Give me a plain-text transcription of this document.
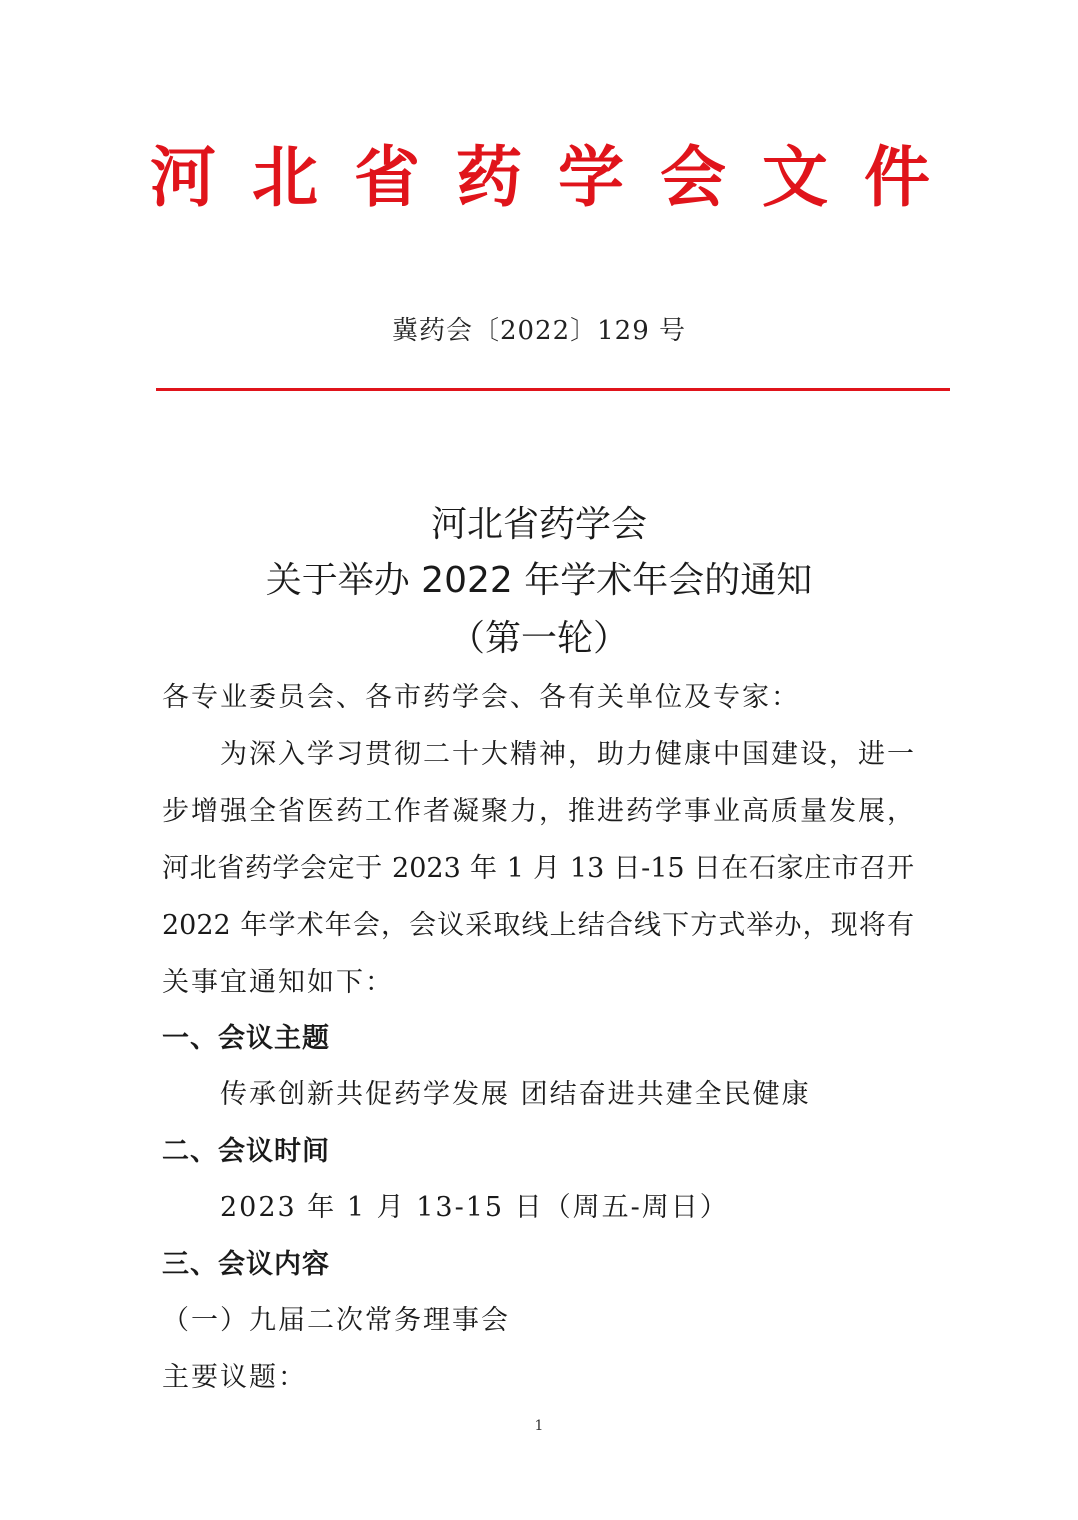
河 北 省 药 学 会 文 件
冀药会〔2022〕129 号
河北省药学会
关于举办 2022 年学术年会的通知
（第一轮）
各专业委员会、各市药学会、各有关单位及专家：
为深入学习贯彻二十大精神，助力健康中国建设，进一
步增强全省医药工作者凝聚力，推进药学事业高质量发展，
河北省药学会定于 2023 年 1 月 13 日-15 日在石家庄市召开
2022 年学术年会，会议采取线上结合线下方式举办，现将有
关事宜通知如下：
一、会议主题
传承创新共促药学发展 团结奋进共建全民健康
二、会议时间
2023 年 1 月 13-15 日（周五-周日）
三、会议内容
（一）九届二次常务理事会
主要议题：
1
